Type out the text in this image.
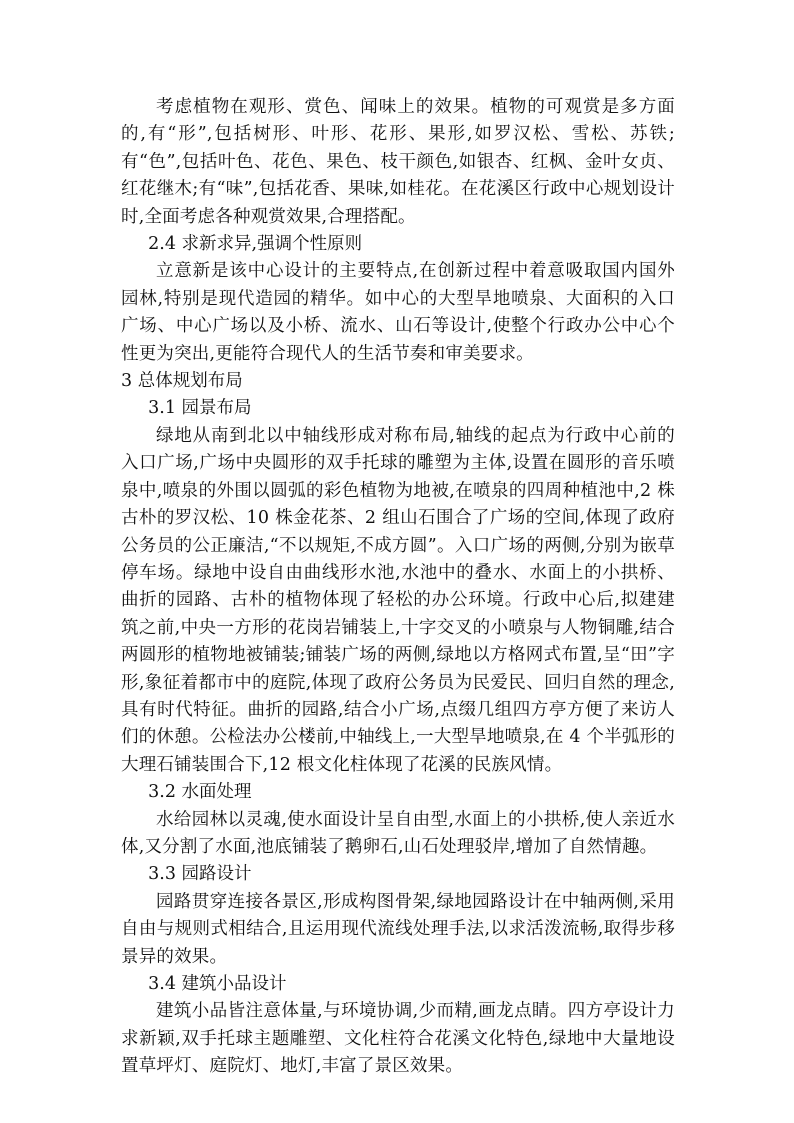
考虑植物在观形、赏色、闻味上的效果。植物的可观赏是多方面的,有“形”,包括树形、叶形、花形、果形,如罗汉松、雪松、苏铁;有“色”,包括叶色、花色、果色、枝干颜色,如银杏、红枫、金叶女贞、红花继木;有“味”,包括花香、果味,如桂花。在花溪区行政中心规划设计时,全面考虑各种观赏效果,合理搭配。

2.4 求新求异,强调个性原则

立意新是该中心设计的主要特点,在创新过程中着意吸取国内国外园林,特别是现代造园的精华。如中心的大型旱地喷泉、大面积的入口广场、中心广场以及小桥、流水、山石等设计,使整个行政办公中心个性更为突出,更能符合现代人的生活节奏和审美要求。

3 总体规划布局

3.1 园景布局

绿地从南到北以中轴线形成对称布局,轴线的起点为行政中心前的入口广场,广场中央圆形的双手托球的雕塑为主体,设置在圆形的音乐喷泉中,喷泉的外围以圆弧的彩色植物为地被,在喷泉的四周种植池中,2 株古朴的罗汉松、10 株金花茶、2 组山石围合了广场的空间,体现了政府公务员的公正廉洁,“不以规矩,不成方圆”。入口广场的两侧,分别为嵌草停车场。绿地中设自由曲线形水池,水池中的叠水、水面上的小拱桥、曲折的园路、古朴的植物体现了轻松的办公环境。行政中心后,拟建建筑之前,中央一方形的花岗岩铺装上,十字交叉的小喷泉与人物铜雕,结合两圆形的植物地被铺装;铺装广场的两侧,绿地以方格网式布置,呈“田”字形,象征着都市中的庭院,体现了政府公务员为民爱民、回归自然的理念,具有时代特征。曲折的园路,结合小广场,点缀几组四方亭方便了来访人们的休憩。公检法办公楼前,中轴线上,一大型旱地喷泉,在 4 个半弧形的大理石铺装围合下,12 根文化柱体现了花溪的民族风情。

3.2 水面处理

水给园林以灵魂,使水面设计呈自由型,水面上的小拱桥,使人亲近水体,又分割了水面,池底铺装了鹅卵石,山石处理驳岸,增加了自然情趣。

3.3 园路设计

园路贯穿连接各景区,形成构图骨架,绿地园路设计在中轴两侧,采用自由与规则式相结合,且运用现代流线处理手法,以求活泼流畅,取得步移景异的效果。

3.4 建筑小品设计

建筑小品皆注意体量,与环境协调,少而精,画龙点睛。四方亭设计力求新颖,双手托球主题雕塑、文化柱符合花溪文化特色,绿地中大量地设置草坪灯、庭院灯、地灯,丰富了景区效果。
